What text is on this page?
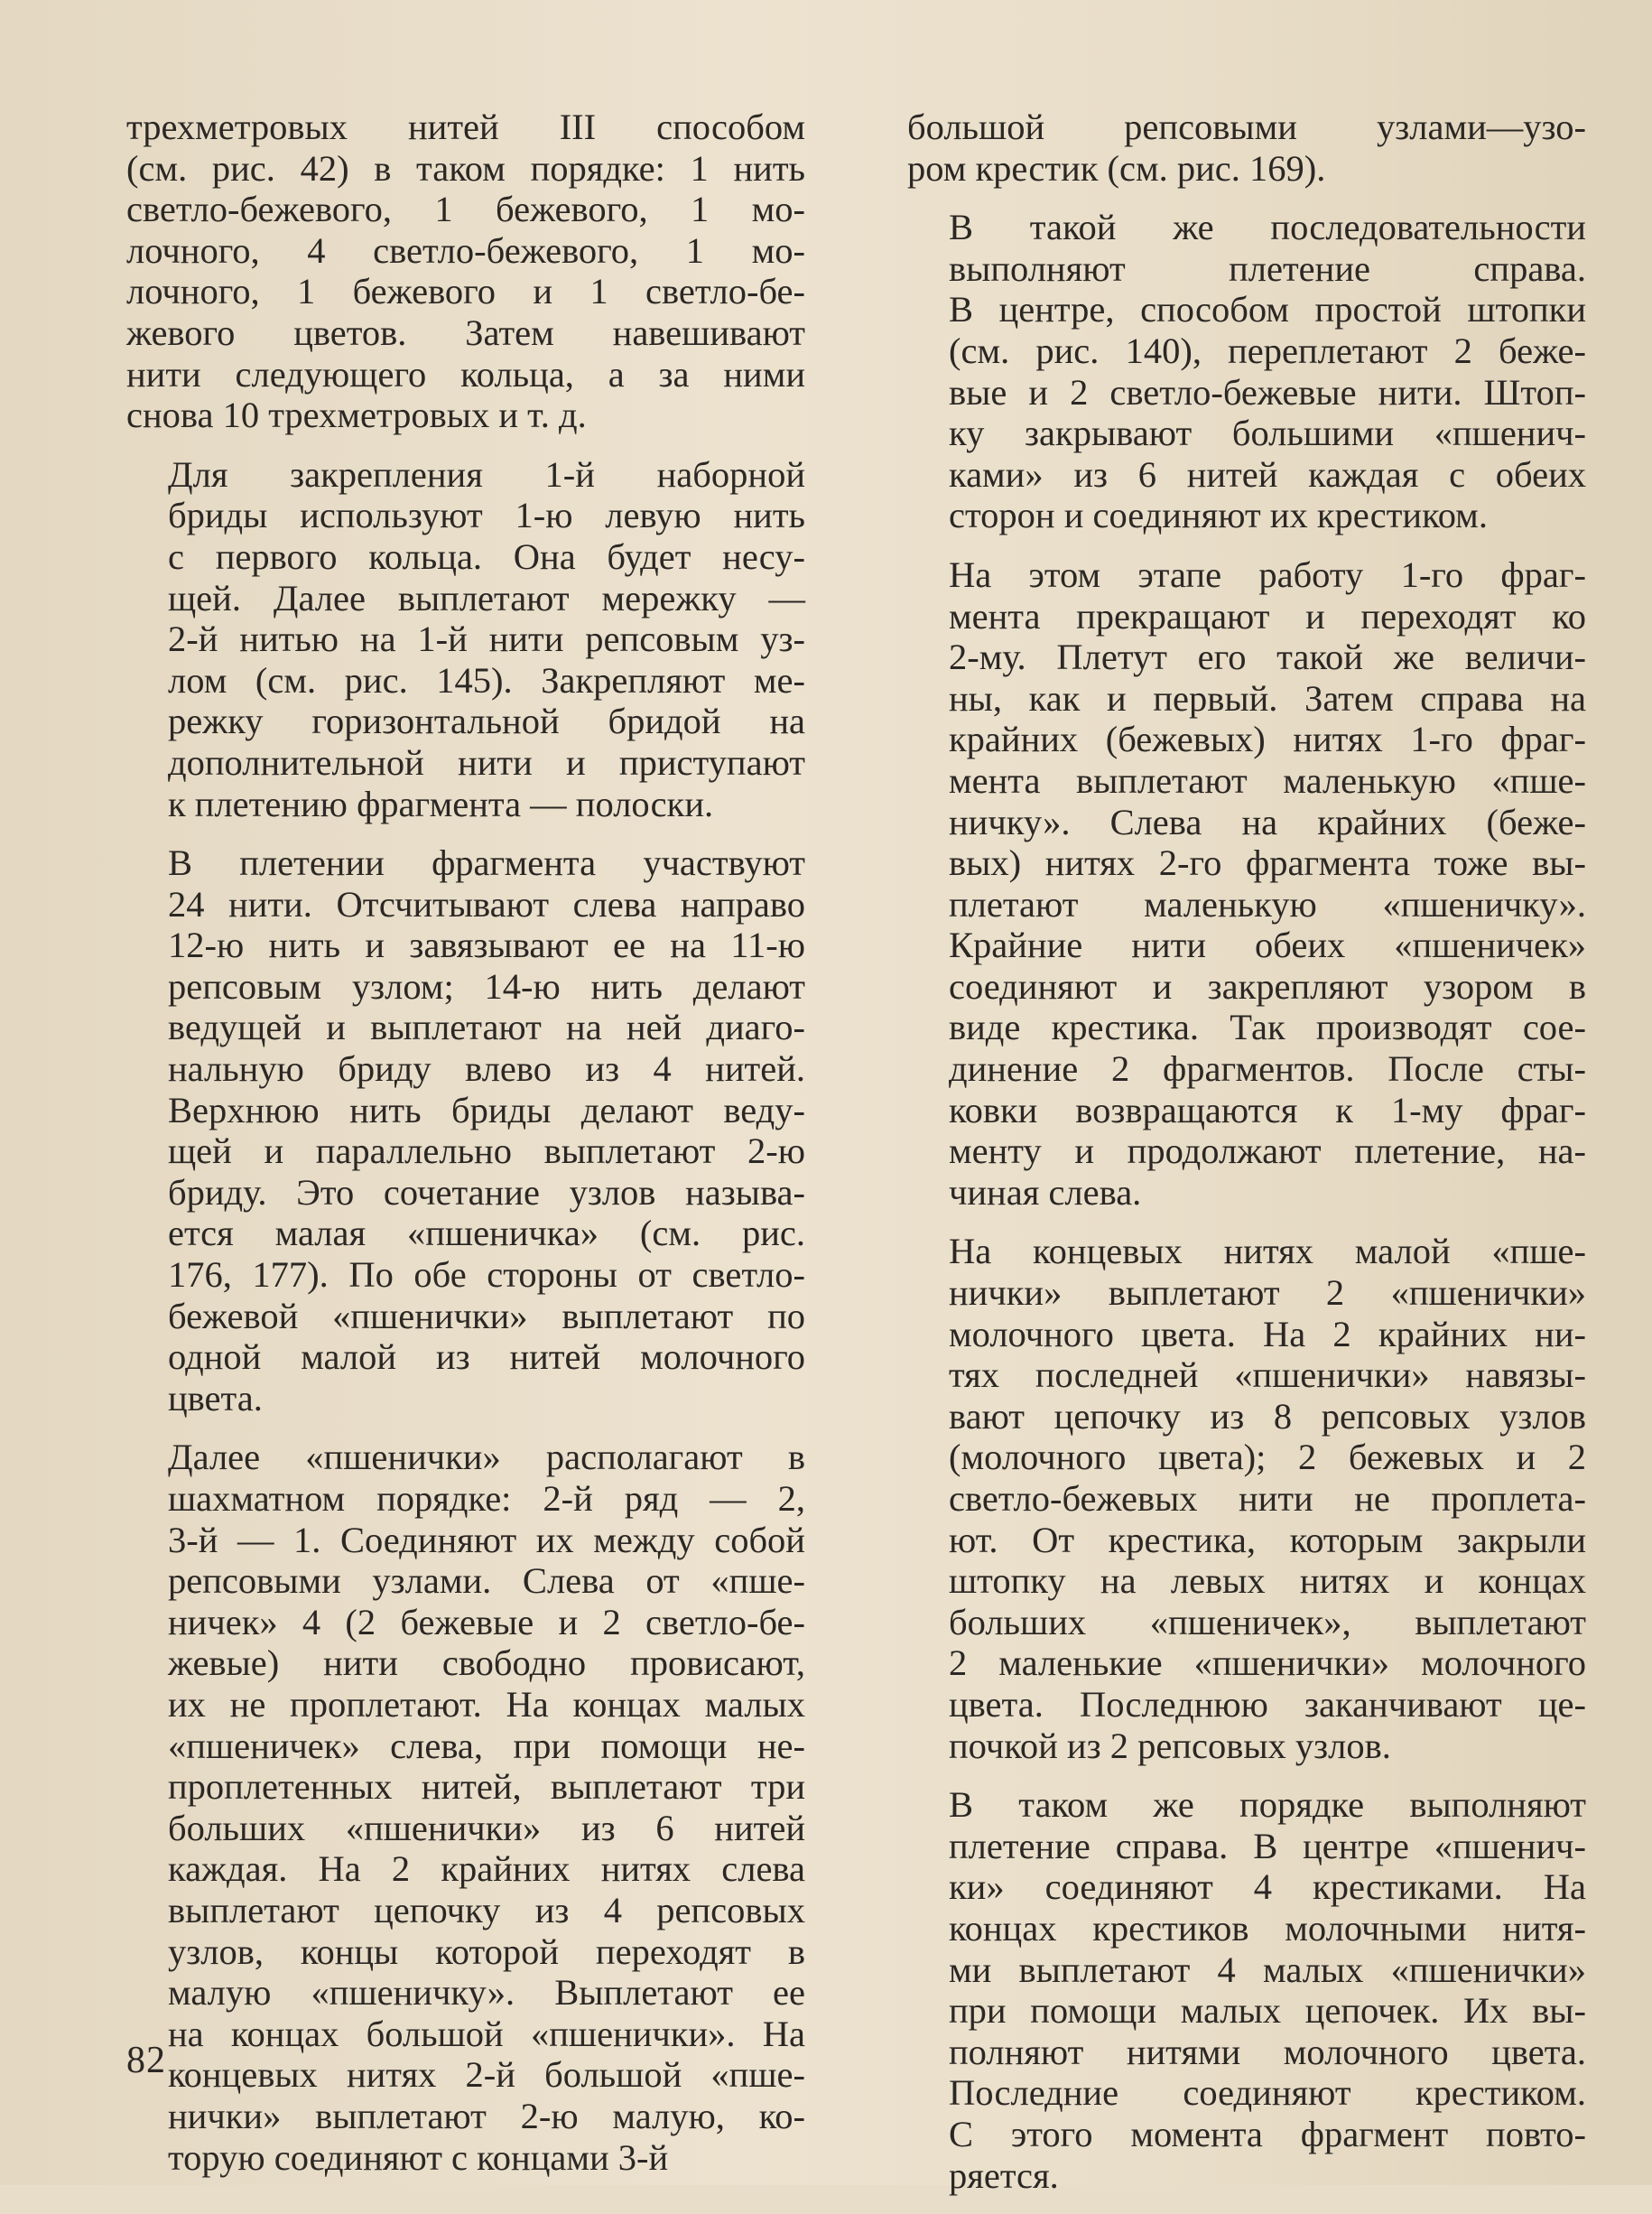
трехметровых нитей III способом
(см. рис. 42) в таком порядке: 1 нить
светло-бежевого, 1 бежевого, 1 мо-
лочного, 4 светло-бежевого, 1 мо-
лочного, 1 бежевого и 1 светло-бе-
жевого цветов. Затем навешивают
нити следующего кольца, а за ними
снова 10 трехметровых и т. д.
Для закрепления 1-й наборной
бриды используют 1-ю левую нить
с первого кольца. Она будет несу-
щей. Далее выплетают мережку —
2-й нитью на 1-й нити репсовым уз-
лом (см. рис. 145). Закрепляют ме-
режку горизонтальной бридой на
дополнительной нити и приступают
к плетению фрагмента — полоски.
В плетении фрагмента участвуют
24 нити. Отсчитывают слева направо
12-ю нить и завязывают ее на 11-ю
репсовым узлом; 14-ю нить делают
ведущей и выплетают на ней диаго-
нальную бриду влево из 4 нитей.
Верхнюю нить бриды делают веду-
щей и параллельно выплетают 2-ю
бриду. Это сочетание узлов называ-
ется малая «пшеничка» (см. рис.
176, 177). По обе стороны от светло-
бежевой «пшенички» выплетают по
одной малой из нитей молочного
цвета.
Далее «пшенички» располагают в
шахматном порядке: 2-й ряд — 2,
3-й — 1. Соединяют их между собой
репсовыми узлами. Слева от «пше-
ничек» 4 (2 бежевые и 2 светло-бе-
жевые) нити свободно провисают,
их не проплетают. На концах малых
«пшеничек» слева, при помощи не-
проплетенных нитей, выплетают три
больших «пшенички» из 6 нитей
каждая. На 2 крайних нитях слева
выплетают цепочку из 4 репсовых
узлов, концы которой переходят в
малую «пшеничку». Выплетают ее
на концах большой «пшенички». На
концевых нитях 2-й большой «пше-
нички» выплетают 2-ю малую, ко-
торую соединяют с концами 3-й
большой репсовыми узлами—узо-
ром крестик (см. рис. 169).
В такой же последовательности
выполняют плетение справа.
В центре, способом простой штопки
(см. рис. 140), переплетают 2 беже-
вые и 2 светло-бежевые нити. Штоп-
ку закрывают большими «пшенич-
ками» из 6 нитей каждая с обеих
сторон и соединяют их крестиком.
На этом этапе работу 1-го фраг-
мента прекращают и переходят ко
2-му. Плетут его такой же величи-
ны, как и первый. Затем справа на
крайних (бежевых) нитях 1-го фраг-
мента выплетают маленькую «пше-
ничку». Слева на крайних (беже-
вых) нитях 2-го фрагмента тоже вы-
плетают маленькую «пшеничку».
Крайние нити обеих «пшеничек»
соединяют и закрепляют узором в
виде крестика. Так производят сое-
динение 2 фрагментов. После сты-
ковки возвращаются к 1-му фраг-
менту и продолжают плетение, на-
чиная слева.
На концевых нитях малой «пше-
нички» выплетают 2 «пшенички»
молочного цвета. На 2 крайних ни-
тях последней «пшенички» навязы-
вают цепочку из 8 репсовых узлов
(молочного цвета); 2 бежевых и 2
светло-бежевых нити не проплета-
ют. От крестика, которым закрыли
штопку на левых нитях и концах
больших «пшеничек», выплетают
2 маленькие «пшенички» молочного
цвета. Последнюю заканчивают це-
почкой из 2 репсовых узлов.
В таком же порядке выполняют
плетение справа. В центре «пшенич-
ки» соединяют 4 крестиками. На
концах крестиков молочными нитя-
ми выплетают 4 малых «пшенички»
при помощи малых цепочек. Их вы-
полняют нитями молочного цвета.
Последние соединяют крестиком.
С этого момента фрагмент повто-
ряется.
82
